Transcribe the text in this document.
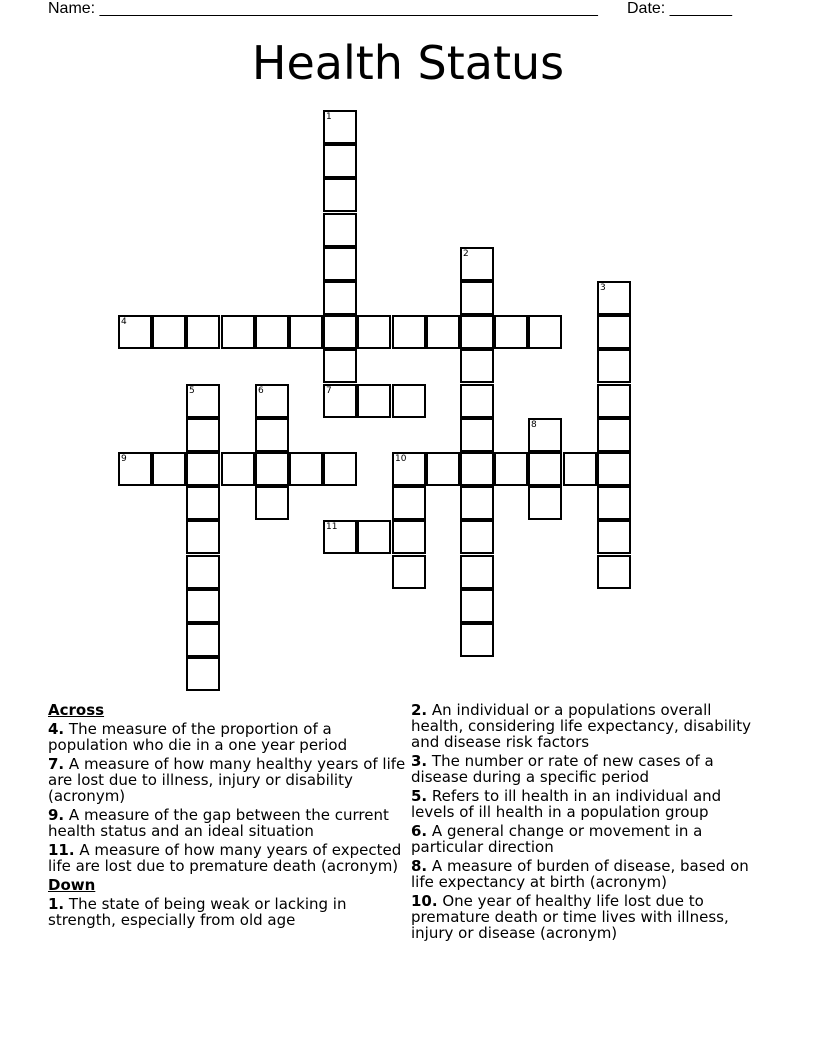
Name: ________________________________________________________ Date: _______
Health Status
1
2
3
4
5	6	7
8
9	10
11
Across
4. The measure of the proportion of a population who die in a one year period
7. A measure of how many healthy years of life are lost due to illness, injury or disability (acronym)
9. A measure of the gap between the current health status and an ideal situation
11. A measure of how many years of expected life are lost due to premature death (acronym)
Down
1. The state of being weak or lacking in strength, especially from old age
2. An individual or a populations overall health, considering life expectancy, disability and disease risk factors
3. The number or rate of new cases of a disease during a specific period
5. Refers to ill health in an individual and levels of ill health in a population group
6. A general change or movement in a particular direction
8. A measure of burden of disease, based on life expectancy at birth (acronym)
10. One year of healthy life lost due to premature death or time lives with illness, injury or disease (acronym)
